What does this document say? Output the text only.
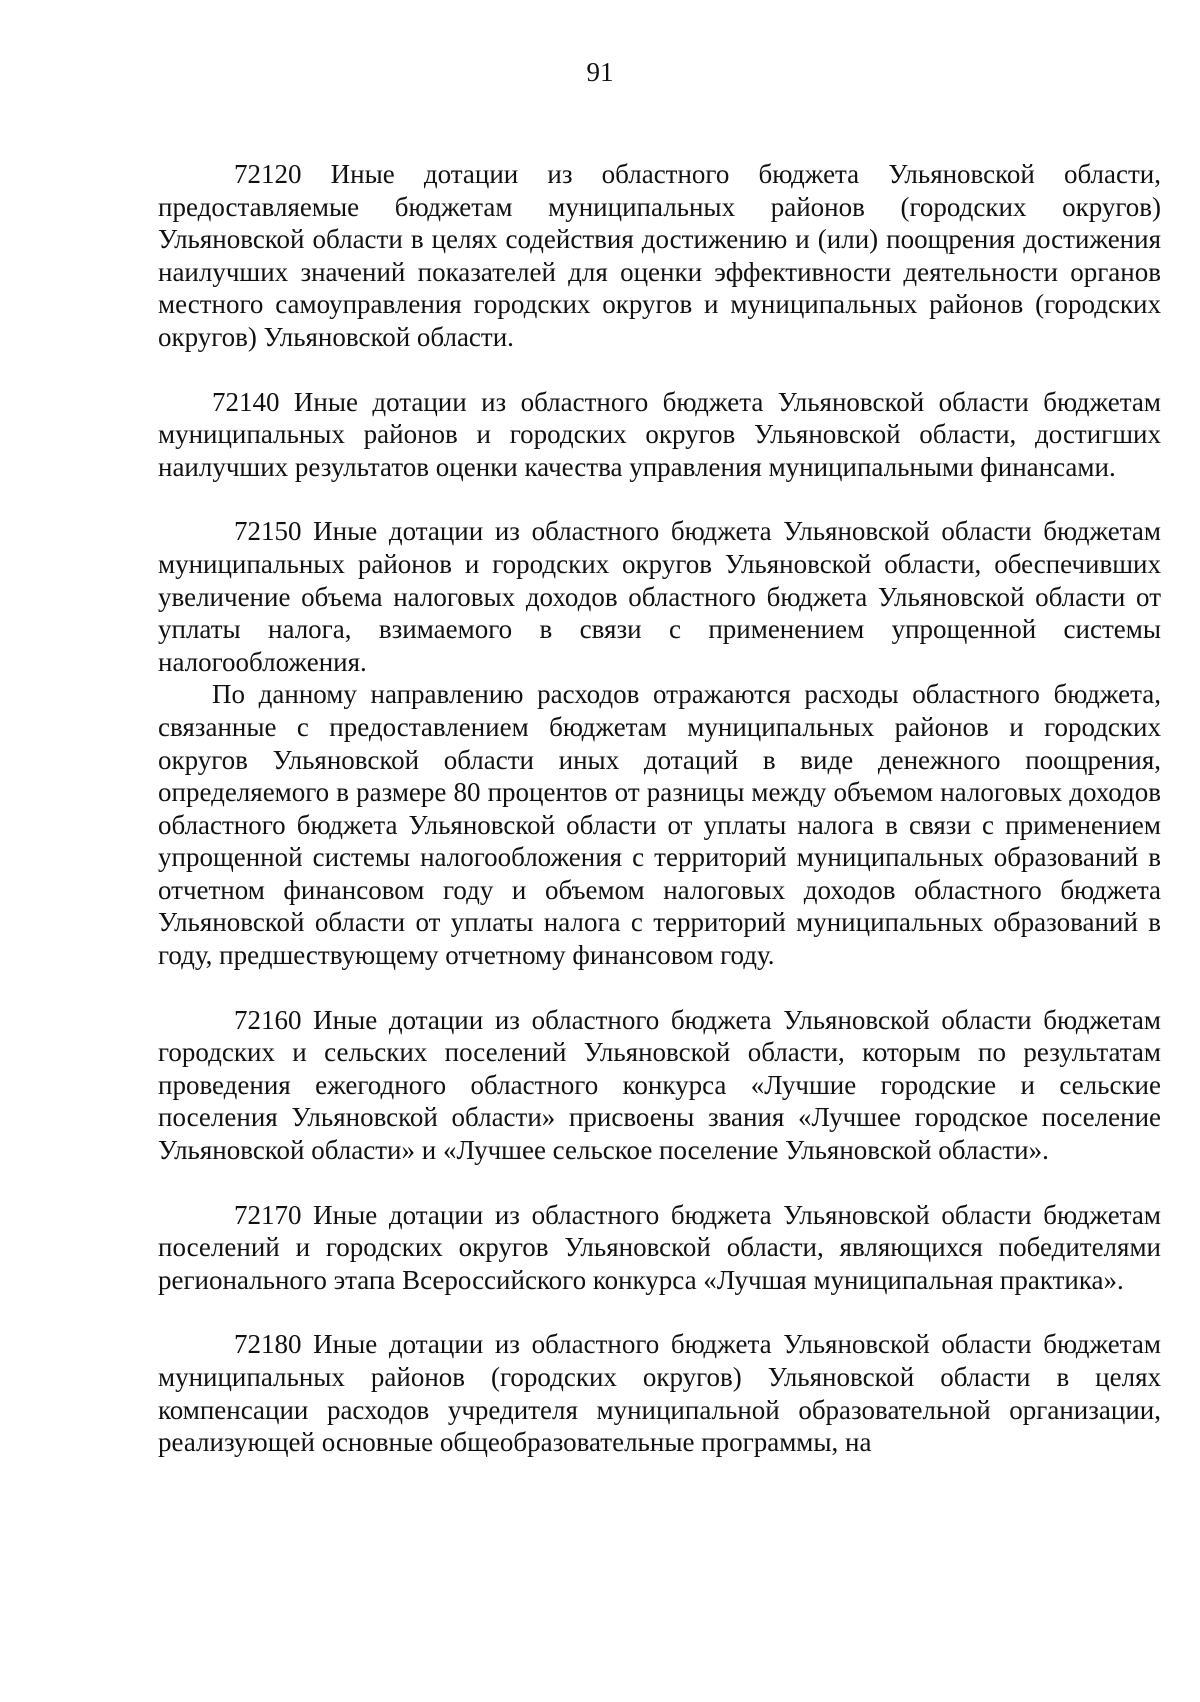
91

72120 Иные дотации из областного бюджета Ульяновской области, предоставляемые бюджетам муниципальных районов (городских округов) Ульяновской области в целях содействия достижению и (или) поощрения достижения наилучших значений показателей для оценки эффективности деятельности органов местного самоуправления городских округов и муниципальных районов (городских округов) Ульяновской области.

72140 Иные дотации из областного бюджета Ульяновской области бюджетам муниципальных районов и городских округов Ульяновской области, достигших наилучших результатов оценки качества управления муниципальными финансами.

72150 Иные дотации из областного бюджета Ульяновской области бюджетам муниципальных районов и городских округов Ульяновской области, обеспечивших увеличение объема налоговых доходов областного бюджета Ульяновской области от уплаты налога, взимаемого в связи с применением упрощенной системы налогообложения.

По данному направлению расходов отражаются расходы областного бюджета, связанные с предоставлением бюджетам муниципальных районов и городских округов Ульяновской области иных дотаций в виде денежного поощрения, определяемого в размере 80 процентов от разницы между объемом налоговых доходов областного бюджета Ульяновской области от уплаты налога в связи с применением упрощенной системы налогообложения с территорий муниципальных образований в отчетном финансовом году и объемом налоговых доходов областного бюджета Ульяновской области от уплаты налога с территорий муниципальных образований в году, предшествующему отчетному финансовом году.

72160 Иные дотации из областного бюджета Ульяновской области бюджетам городских и сельских поселений Ульяновской области, которым по результатам проведения ежегодного областного конкурса «Лучшие городские и сельские поселения Ульяновской области» присвоены звания «Лучшее городское поселение Ульяновской области» и «Лучшее сельское поселение Ульяновской области».

72170 Иные дотации из областного бюджета Ульяновской области бюджетам поселений и городских округов Ульяновской области, являющихся победителями регионального этапа Всероссийского конкурса «Лучшая муниципальная практика».

72180 Иные дотации из областного бюджета Ульяновской области бюджетам муниципальных районов (городских округов) Ульяновской области в целях компенсации расходов учредителя муниципальной образовательной организации, реализующей основные общеобразовательные программы, на
